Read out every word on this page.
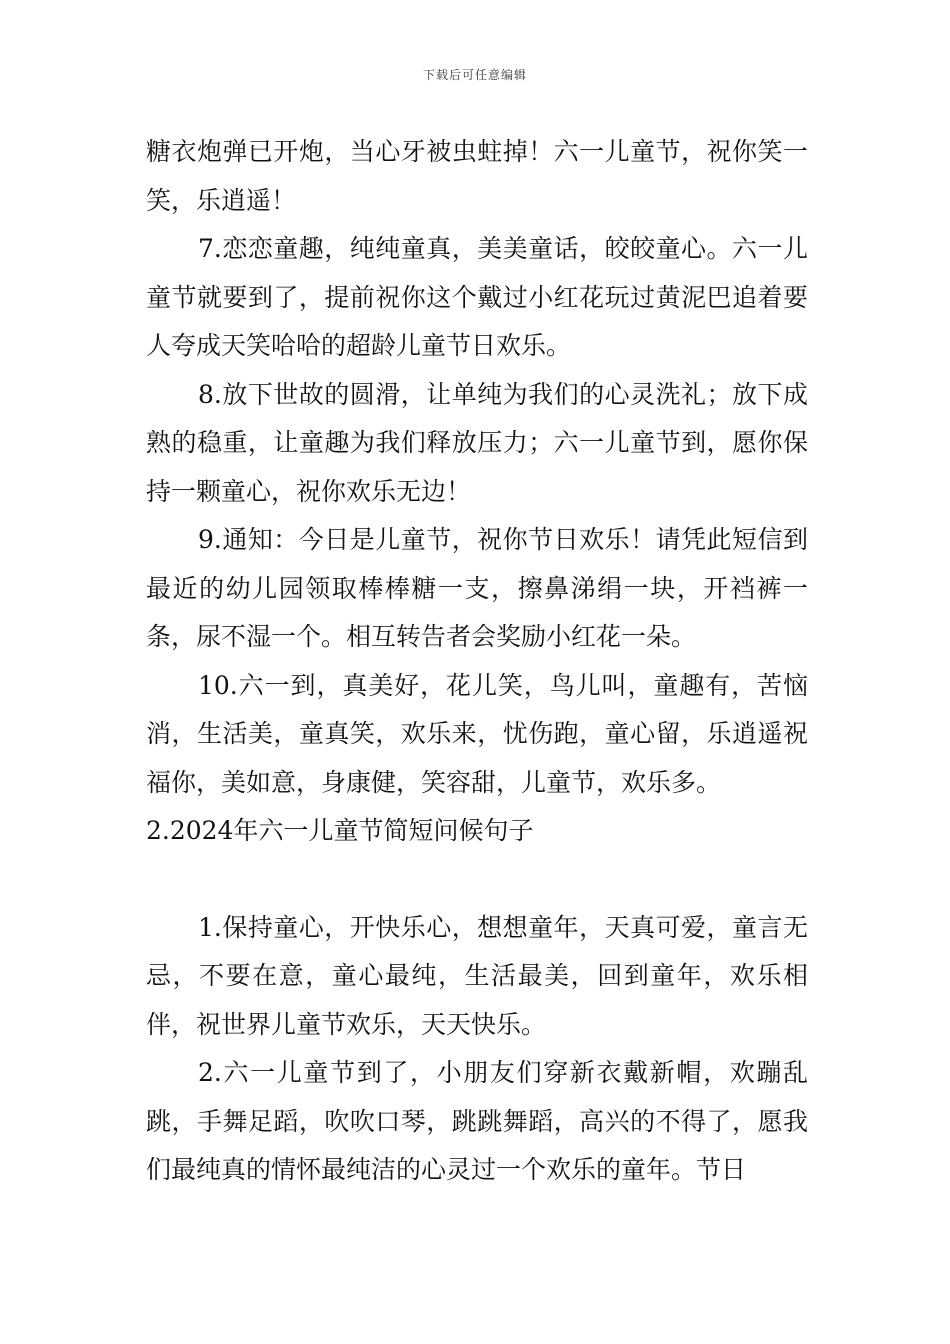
下载后可任意编辑

糖衣炮弹已开炮，当心牙被虫蛀掉！六一儿童节，祝你笑一笑，乐逍遥！

7.恋恋童趣，纯纯童真，美美童话，皎皎童心。六一儿童节就要到了，提前祝你这个戴过小红花玩过黄泥巴追着要人夸成天笑哈哈的超龄儿童节日欢乐。

8.放下世故的圆滑，让单纯为我们的心灵洗礼；放下成熟的稳重，让童趣为我们释放压力；六一儿童节到，愿你保持一颗童心，祝你欢乐无边！

9.通知：今日是儿童节，祝你节日欢乐！请凭此短信到最近的幼儿园领取棒棒糖一支，擦鼻涕绢一块，开裆裤一条，尿不湿一个。相互转告者会奖励小红花一朵。

10.六一到，真美好，花儿笑，鸟儿叫，童趣有，苦恼消，生活美，童真笑，欢乐来，忧伤跑，童心留，乐逍遥祝福你，美如意，身康健，笑容甜，儿童节，欢乐多。

2.2024年六一儿童节简短问候句子

1.保持童心，开快乐心，想想童年，天真可爱，童言无忌，不要在意，童心最纯，生活最美，回到童年，欢乐相伴，祝世界儿童节欢乐，天天快乐。

2.六一儿童节到了，小朋友们穿新衣戴新帽，欢蹦乱跳，手舞足蹈，吹吹口琴，跳跳舞蹈，高兴的不得了，愿我们最纯真的情怀最纯洁的心灵过一个欢乐的童年。节日
